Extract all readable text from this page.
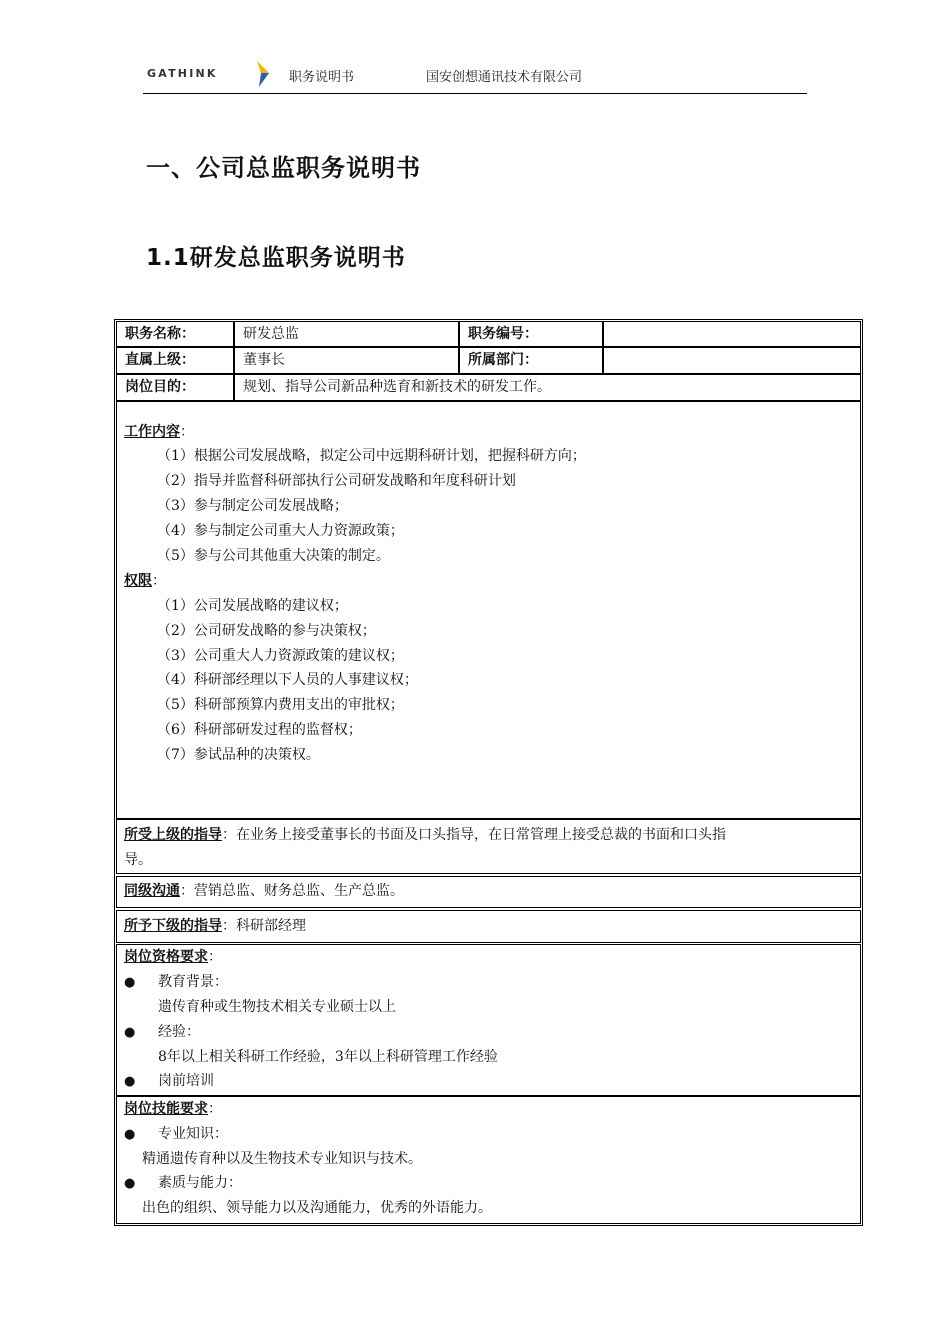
GATHINK	职务说明书	国安创想通讯技术有限公司
一、公司总监职务说明书
1.1研发总监职务说明书
职务名称：	研发总监	职务编号：
直属上级：	董事长	所属部门：
岗位目的：	规划、指导公司新品种选育和新技术的研发工作。
工作内容：
（1）根据公司发展战略，拟定公司中远期科研计划，把握科研方向；
（2）指导并监督科研部执行公司研发战略和年度科研计划
（3）参与制定公司发展战略；
（4）参与制定公司重大人力资源政策；
（5）参与公司其他重大决策的制定。
权限：
（1）公司发展战略的建议权；
（2）公司研发战略的参与决策权；
（3）公司重大人力资源政策的建议权；
（4）科研部经理以下人员的人事建议权；
（5）科研部预算内费用支出的审批权；
（6）科研部研发过程的监督权；
（7）参试品种的决策权。
所受上级的指导：在业务上接受董事长的书面及口头指导，在日常管理上接受总裁的书面和口头指
导。
同级沟通：营销总监、财务总监、生产总监。
所予下级的指导：科研部经理
岗位资格要求：
● 教育背景：
遗传育种或生物技术相关专业硕士以上
● 经验：
8年以上相关科研工作经验，3年以上科研管理工作经验
● 岗前培训
岗位技能要求：
● 专业知识：
精通遗传育种以及生物技术专业知识与技术。
● 素质与能力：
出色的组织、领导能力以及沟通能力，优秀的外语能力。
